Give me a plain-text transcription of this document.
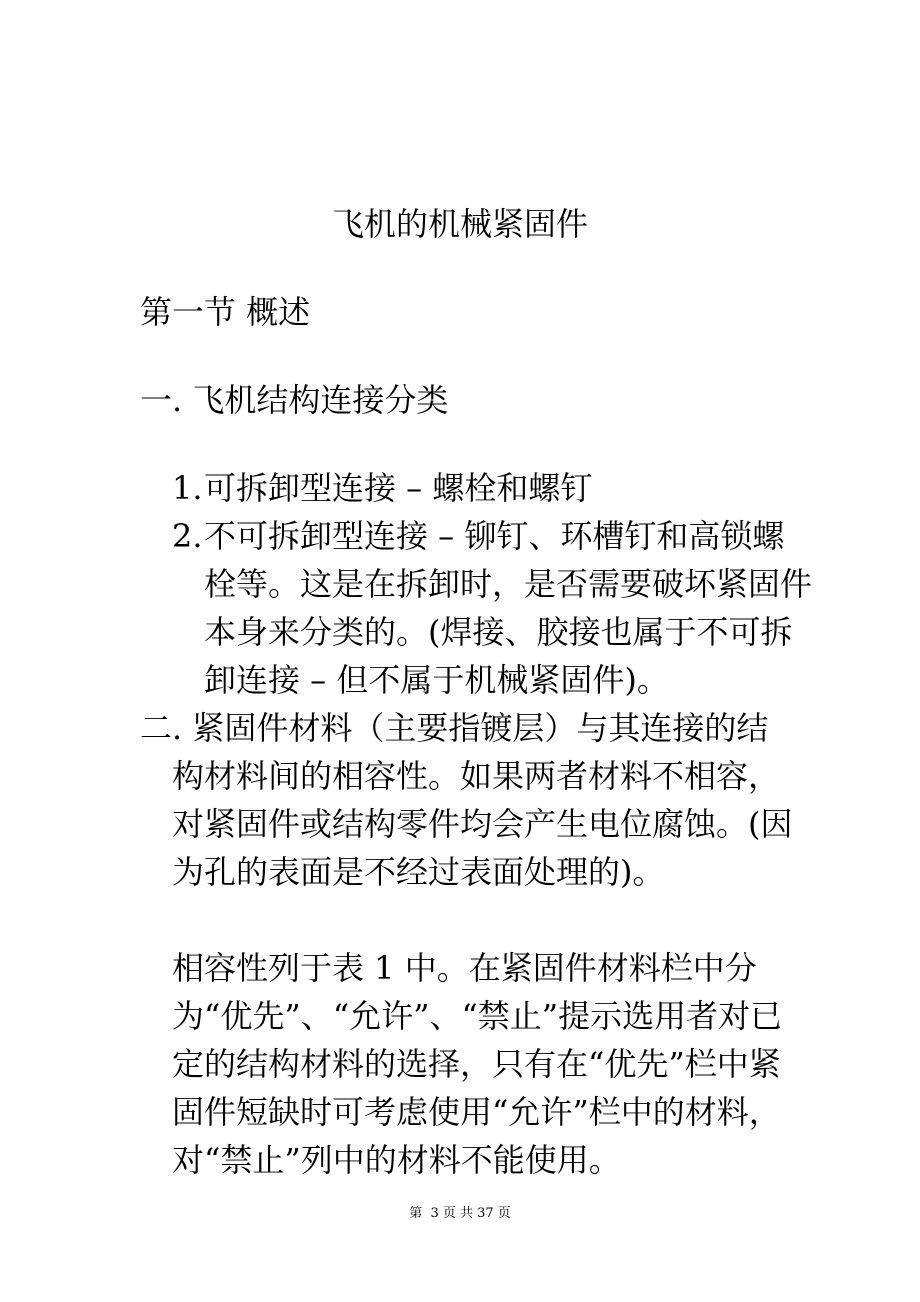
飞机的机械紧固件
第一节 概述
一. 飞机结构连接分类
1. 可拆卸型连接 – 螺栓和螺钉
2. 不可拆卸型连接 – 铆钉、环槽钉和高锁螺栓等。这是在拆卸时，是否需要破坏紧固件本身来分类的。(焊接、胶接也属于不可拆卸连接 – 但不属于机械紧固件)。
二. 紧固件材料（主要指镀层）与其连接的结构材料间的相容性。如果两者材料不相容，对紧固件或结构零件均会产生电位腐蚀。(因为孔的表面是不经过表面处理的)。
相容性列于表 1 中。在紧固件材料栏中分为“优先”、“允许”、“禁止”提示选用者对已定的结构材料的选择，只有在“优先”栏中紧固件短缺时可考虑使用“允许”栏中的材料，对“禁止”列中的材料不能使用。
第  3 页 共 37 页
